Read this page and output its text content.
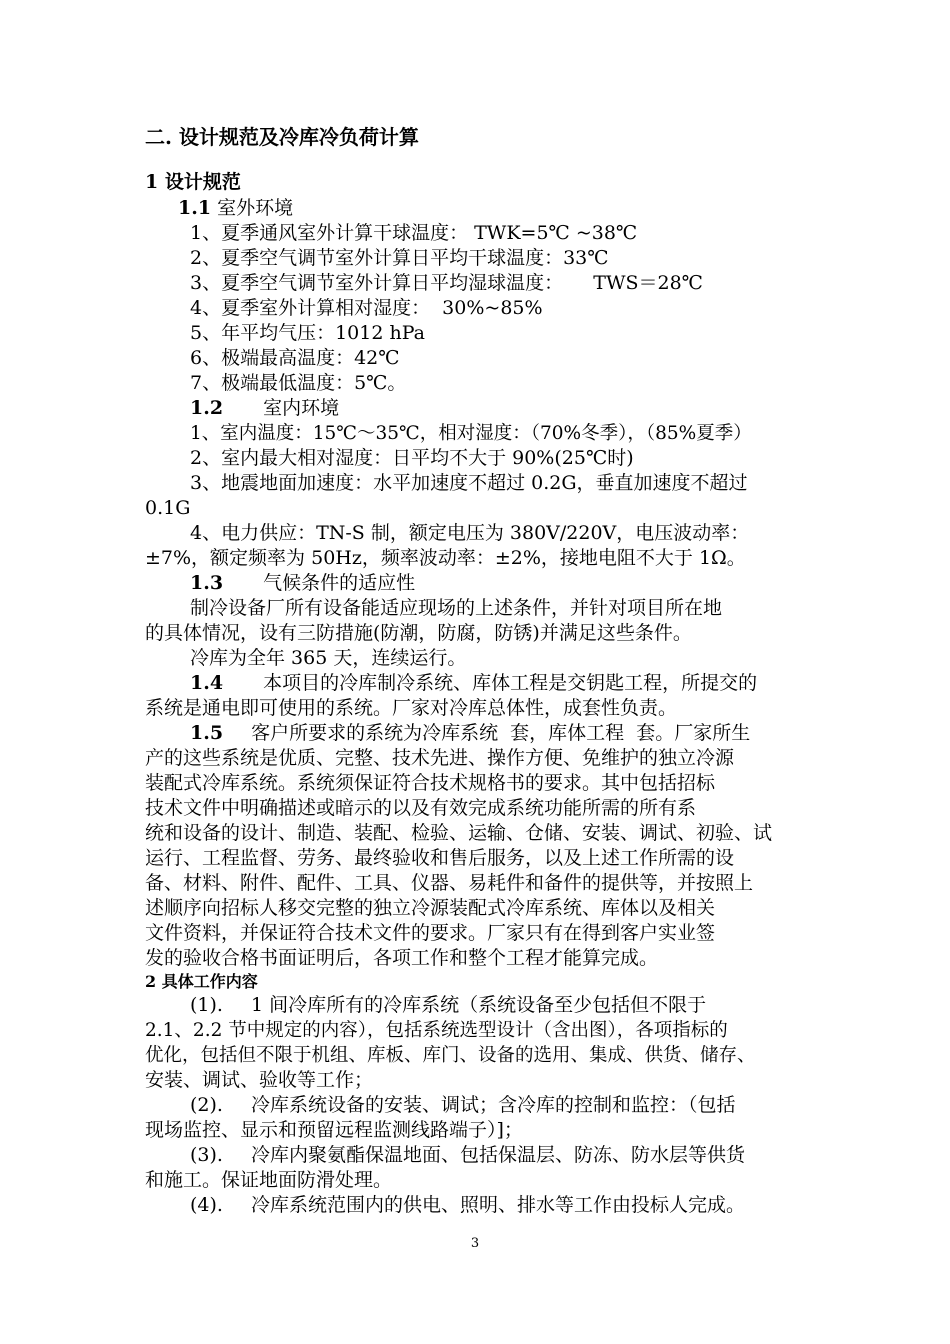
二. 设计规范及冷库冷负荷计算
1 设计规范
1.1 室外环境
1、夏季通风室外计算干球温度： TWK=5℃ ~38℃
2、夏季空气调节室外计算日平均干球温度：33℃
3、夏季空气调节室外计算日平均湿球温度：     TWS＝28℃
4、夏季室外计算相对湿度：  30%~85%
5、年平均气压：1012 hPa
6、极端最高温度：42℃
7、极端最低温度：5℃。
1.2 室内环境
1、室内温度：15℃～35℃，相对湿度：（70%冬季），（85%夏季）
2、室内最大相对湿度：日平均不大于 90%(25℃时)
3、地震地面加速度：水平加速度不超过 0.2G，垂直加速度不超过
0.1G
4、电力供应：TN-S 制，额定电压为 380V/220V，电压波动率：
±7%，额定频率为 50Hz，频率波动率：±2%，接地电阻不大于 1Ω。
1.3 气候条件的适应性
制冷设备厂所有设备能适应现场的上述条件，并针对项目所在地
的具体情况，设有三防措施(防潮，防腐，防锈)并满足这些条件。
冷库为全年 365 天，连续运行。
1.4 本项目的冷库制冷系统、库体工程是交钥匙工程，所提交的
系统是通电即可使用的系统。厂家对冷库总体性，成套性负责。
1.5 客户所要求的系统为冷库系统  套，库体工程  套。厂家所生
产的这些系统是优质、完整、技术先进、操作方便、免维护的独立冷源
装配式冷库系统。系统须保证符合技术规格书的要求。其中包括招标
技术文件中明确描述或暗示的以及有效完成系统功能所需的所有系
统和设备的设计、制造、装配、检验、运输、仓储、安装、调试、初验、试
运行、工程监督、劳务、最终验收和售后服务，以及上述工作所需的设
备、材料、附件、配件、工具、仪器、易耗件和备件的提供等，并按照上
述顺序向招标人移交完整的独立冷源装配式冷库系统、库体以及相关
文件资料，并保证符合技术文件的要求。厂家只有在得到客户实业签
发的验收合格书面证明后，各项工作和整个工程才能算完成。
2 具体工作内容
(1). 1 间冷库所有的冷库系统（系统设备至少包括但不限于
2.1、2.2 节中规定的内容），包括系统选型设计（含出图），各项指标的
优化，包括但不限于机组、库板、库门、设备的选用、集成、供货、储存、
安装、调试、验收等工作；
(2). 冷库系统设备的安装、调试；含冷库的控制和监控：（包括
现场监控、显示和预留远程监测线路端子）]；
(3). 冷库内聚氨酯保温地面、包括保温层、防冻、防水层等供货
和施工。保证地面防滑处理。
(4). 冷库系统范围内的供电、照明、排水等工作由投标人完成。
3
